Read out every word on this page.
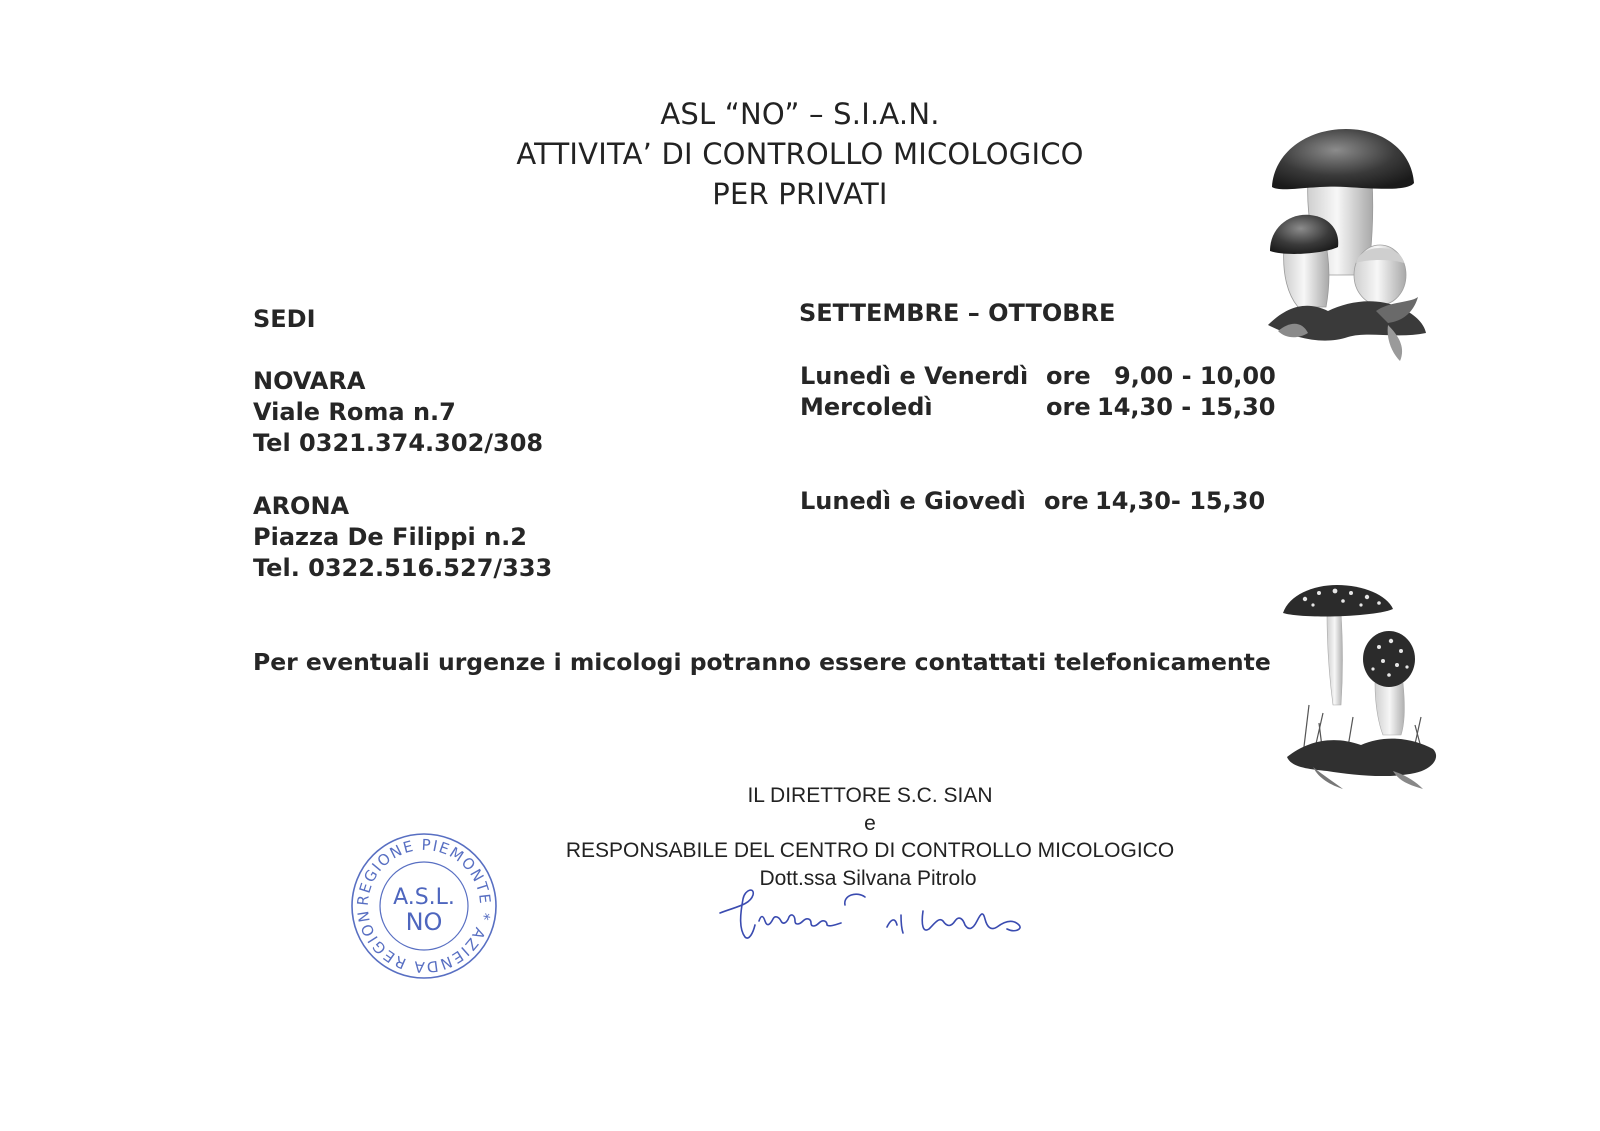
ASL “NO” – S.I.A.N.
ATTIVITA’ DI CONTROLLO MICOLOGICO
PER PRIVATI
SEDI
NOVARA
Viale Roma n.7
Tel 0321.374.302/308
ARONA
Piazza De Filippi n.2
Tel. 0322.516.527/333
SETTEMBRE – OTTOBRE
Lunedì e Venerdì ore 9,00 - 10,00
Mercoledì	ore 14,30 - 15,30
Lunedì e Giovedì ore 14,30- 15,30
Per eventuali urgenze i micologi potranno essere contattati telefonicamente
IL DIRETTORE S.C. SIAN
e
RESPONSABILE DEL CENTRO DI CONTROLLO MICOLOGICO
Dott.ssa Silvana Pitrolo
REGIONE PIEMONTE * AZIENDA REGIONALE *
A.S.L.
NO
